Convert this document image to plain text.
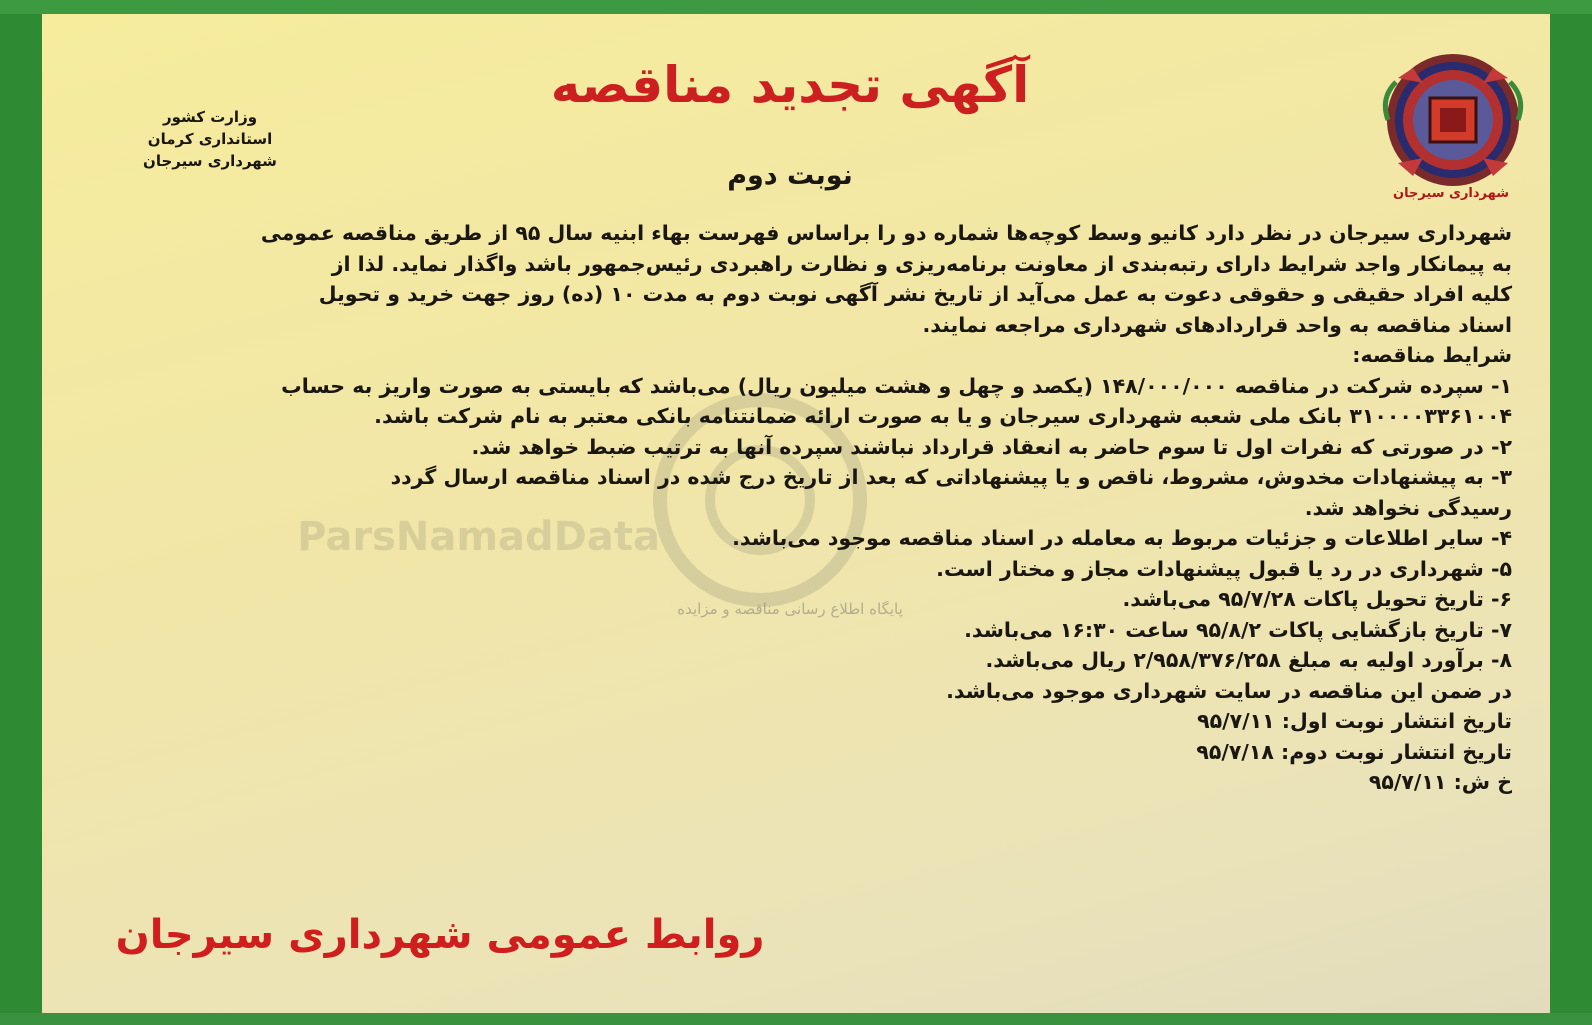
شهرداری سیرجان
وزارت کشور
استانداری کرمان
شهرداری سیرجان
آگهی تجدید مناقصه
نوبت دوم
ParsNamadData
پایگاه اطلاع رسانی مناقصه و مزایده
شهرداری سیرجان در نظر دارد کانیو وسط کوچه‌ها شماره دو را براساس فهرست بهاء ابنیه سال ۹۵ از طریق مناقصه عمومی
به پیمانکار واجد شرایط دارای رتبه‌بندی از معاونت برنامه‌ریزی و نظارت راهبردی رئیس‌جمهور باشد واگذار نماید. لذا از
کلیه افراد حقیقی و حقوقی دعوت به عمل می‌آید از تاریخ نشر آگهی نوبت دوم به مدت ۱۰ (ده) روز جهت خرید و تحویل
اسناد مناقصه به واحد قراردادهای شهرداری مراجعه نمایند.
شرایط مناقصه:
۱- سپرده شرکت در مناقصه ۱۴۸/۰۰۰/۰۰۰ (یکصد و چهل و هشت میلیون ریال) می‌باشد که بایستی به صورت واریز به حساب
۳۱۰۰۰۰۳۳۶۱۰۰۴ بانک ملی شعبه شهرداری سیرجان و یا به صورت ارائه ضمانتنامه بانکی معتبر به نام شرکت باشد.
۲- در صورتی که نفرات اول تا سوم حاضر به انعقاد قرارداد نباشند سپرده آنها به ترتیب ضبط خواهد شد.
۳- به پیشنهادات مخدوش، مشروط، ناقص و یا پیشنهاداتی که بعد از تاریخ درج شده در اسناد مناقصه ارسال گردد
رسیدگی نخواهد شد.
۴- سایر اطلاعات و جزئیات مربوط به معامله در اسناد مناقصه موجود می‌باشد.
۵- شهرداری در رد یا قبول پیشنهادات مجاز و مختار است.
۶- تاریخ تحویل پاکات ۹۵/۷/۲۸ می‌باشد.
۷- تاریخ بازگشایی پاکات ۹۵/۸/۲ ساعت ۱۶:۳۰ می‌باشد.
۸- برآورد اولیه به مبلغ ۲/۹۵۸/۳۷۶/۲۵۸ ریال می‌باشد.
در ضمن این مناقصه در سایت شهرداری موجود می‌باشد.
تاریخ انتشار نوبت اول: ۹۵/۷/۱۱
تاریخ انتشار نوبت دوم: ۹۵/۷/۱۸
خ ش: ۹۵/۷/۱۱
روابط عمومی شهرداری سیرجان
